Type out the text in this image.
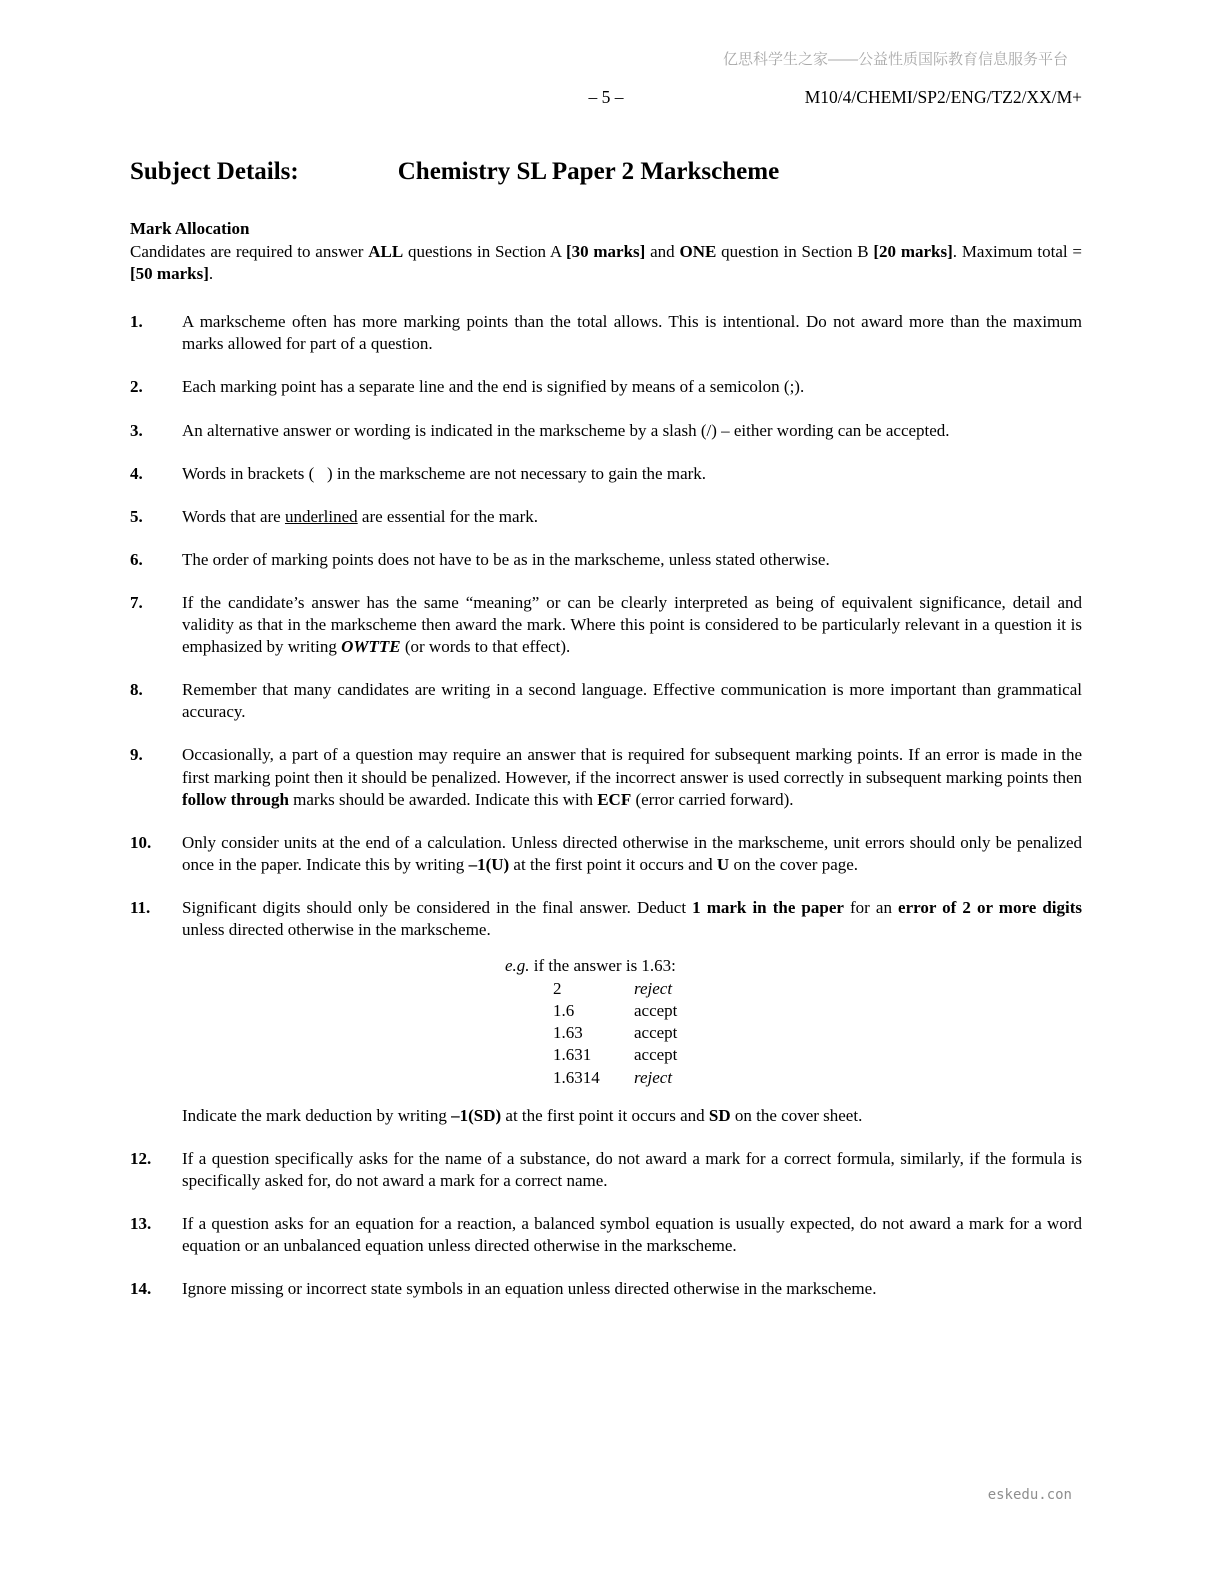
亿思科学生之家——公益性质国际教育信息服务平台
– 5 –	M10/4/CHEMI/SP2/ENG/TZ2/XX/M+
Subject Details:	Chemistry SL Paper 2 Markscheme
Mark Allocation

Candidates are required to answer ALL questions in Section A [30 marks] and ONE question in Section B [20 marks]. Maximum total = [50 marks].

1.	A markscheme often has more marking points than the total allows. This is intentional. Do not award more than the maximum marks allowed for part of a question.
2.	Each marking point has a separate line and the end is signified by means of a semicolon (;).
3.	An alternative answer or wording is indicated in the markscheme by a slash (/) – either wording can be accepted.
4.	Words in brackets (   ) in the markscheme are not necessary to gain the mark.
5.	Words that are underlined are essential for the mark.
6.	The order of marking points does not have to be as in the markscheme, unless stated otherwise.
7.	If the candidate’s answer has the same “meaning” or can be clearly interpreted as being of equivalent significance, detail and validity as that in the markscheme then award the mark. Where this point is considered to be particularly relevant in a question it is emphasized by writing OWTTE (or words to that effect).
8.	Remember that many candidates are writing in a second language. Effective communication is more important than grammatical accuracy.
9.	Occasionally, a part of a question may require an answer that is required for subsequent marking points. If an error is made in the first marking point then it should be penalized. However, if the incorrect answer is used correctly in subsequent marking points then follow through marks should be awarded. Indicate this with ECF (error carried forward).
10.	Only consider units at the end of a calculation. Unless directed otherwise in the markscheme, unit errors should only be penalized once in the paper. Indicate this by writing –1(U) at the first point it occurs and U on the cover page.
11.	Significant digits should only be considered in the final answer. Deduct 1 mark in the paper for an error of 2 or more digits unless directed otherwise in the markscheme.
e.g. if the answer is 1.63:
2	reject
1.6	accept
1.63	accept
1.631	accept
1.6314	reject

Indicate the mark deduction by writing –1(SD) at the first point it occurs and SD on the cover sheet.

12.	If a question specifically asks for the name of a substance, do not award a mark for a correct formula, similarly, if the formula is specifically asked for, do not award a mark for a correct name.
13.	If a question asks for an equation for a reaction, a balanced symbol equation is usually expected, do not award a mark for a word equation or an unbalanced equation unless directed otherwise in the markscheme.
14.	Ignore missing or incorrect state symbols in an equation unless directed otherwise in the markscheme.
eskedu.con
